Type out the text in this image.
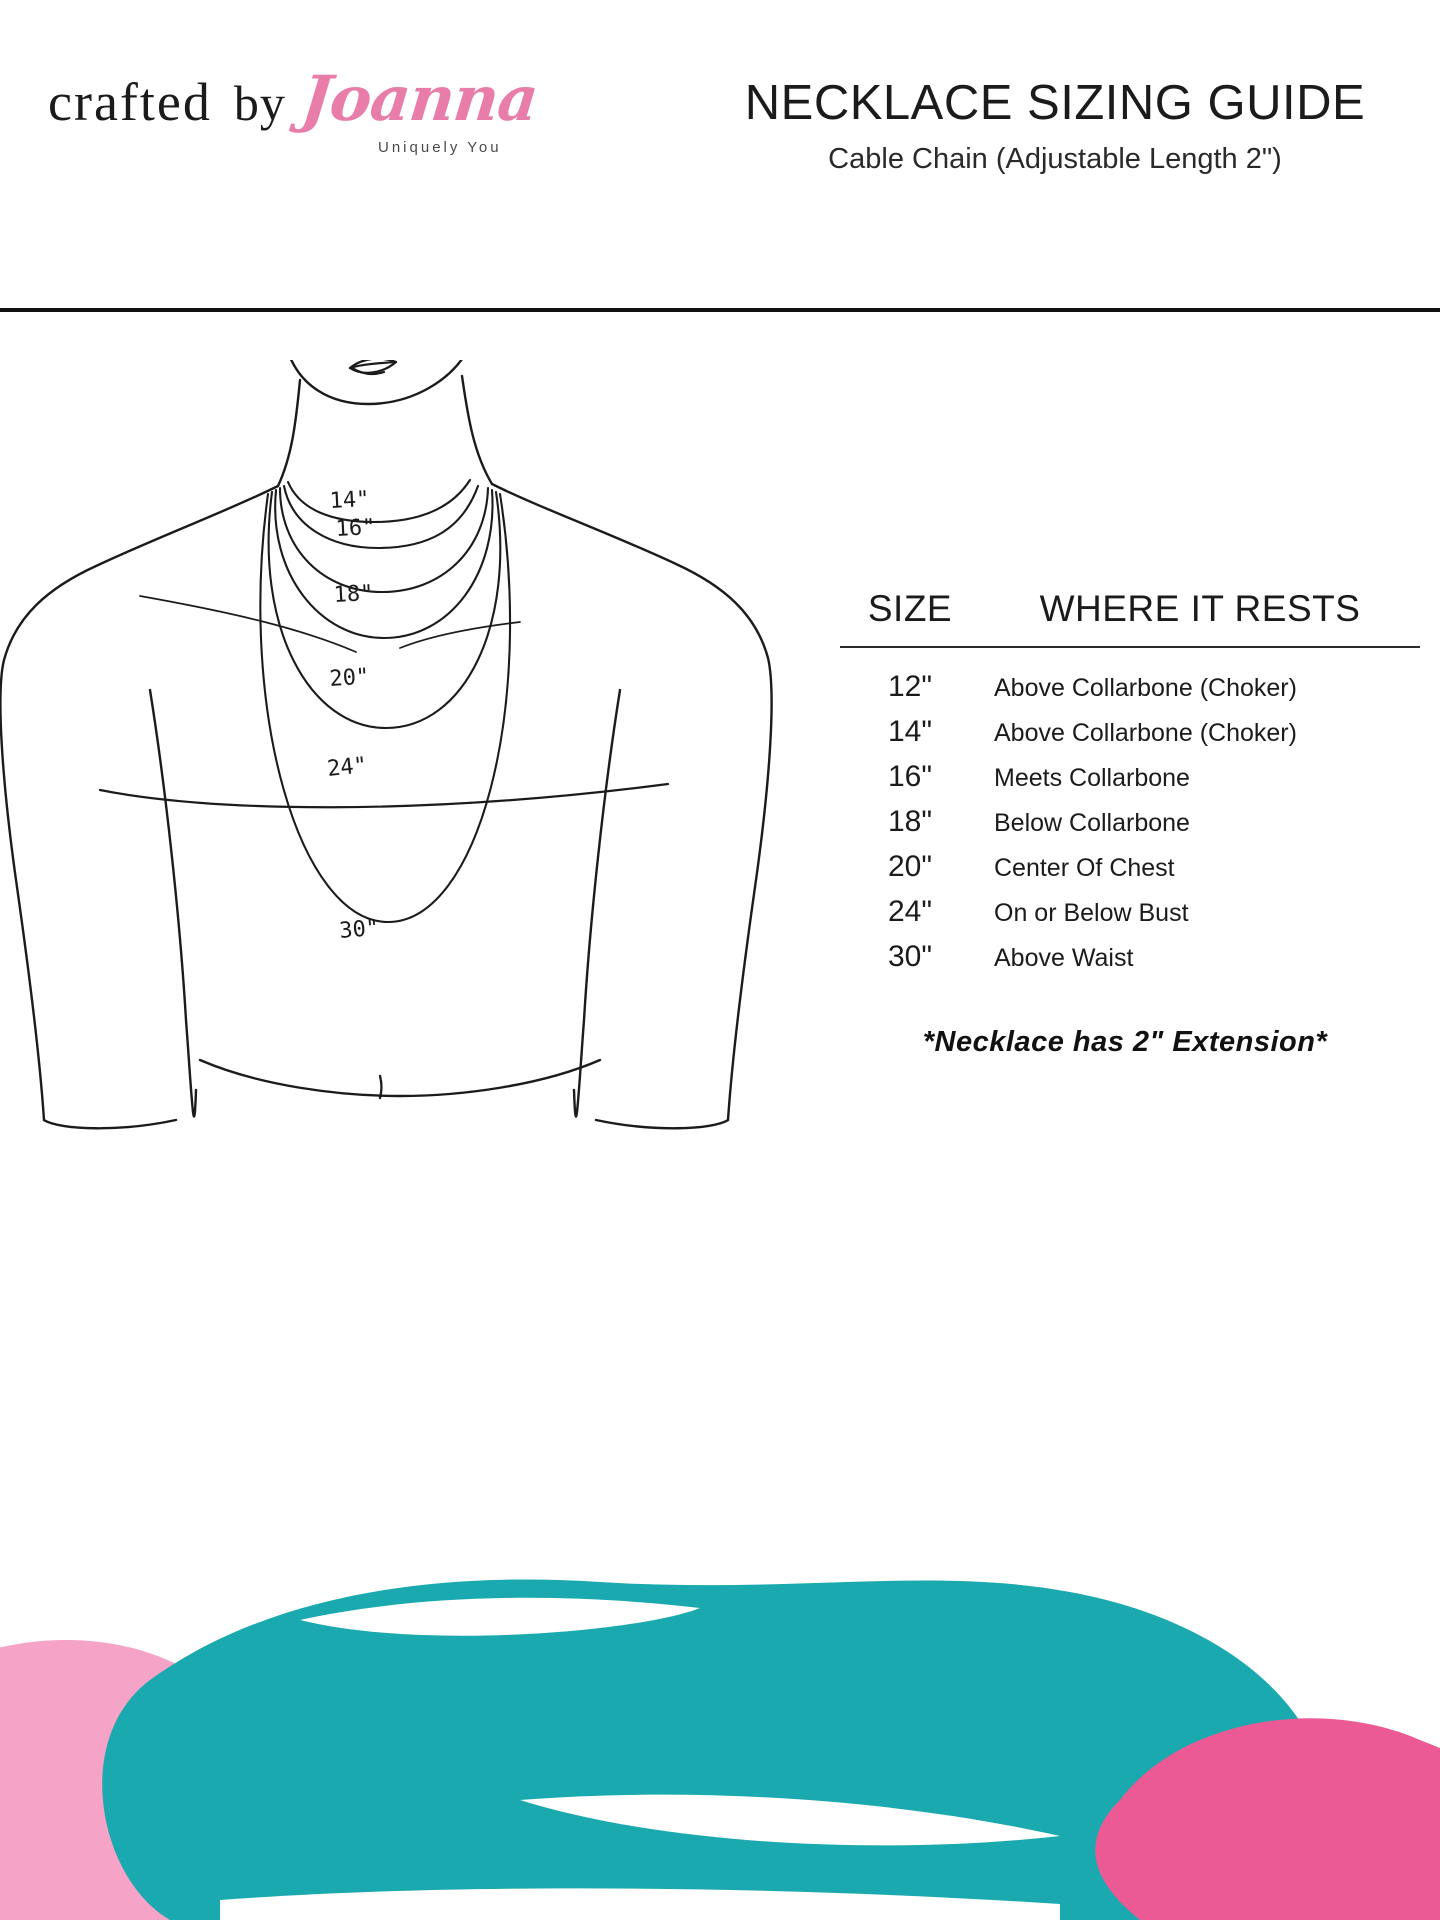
crafted by Joanna
Uniquely You
NECKLACE SIZING GUIDE
Cable Chain (Adjustable Length 2")
14"
16"
18"
20"
24"
30"
SIZE	WHERE IT RESTS
12"	Above Collarbone (Choker)
14"	Above Collarbone (Choker)
16"	Meets Collarbone
18"	Below Collarbone
20"	Center Of Chest
24"	On or Below Bust
30"	Above Waist
*Necklace has 2" Extension*
